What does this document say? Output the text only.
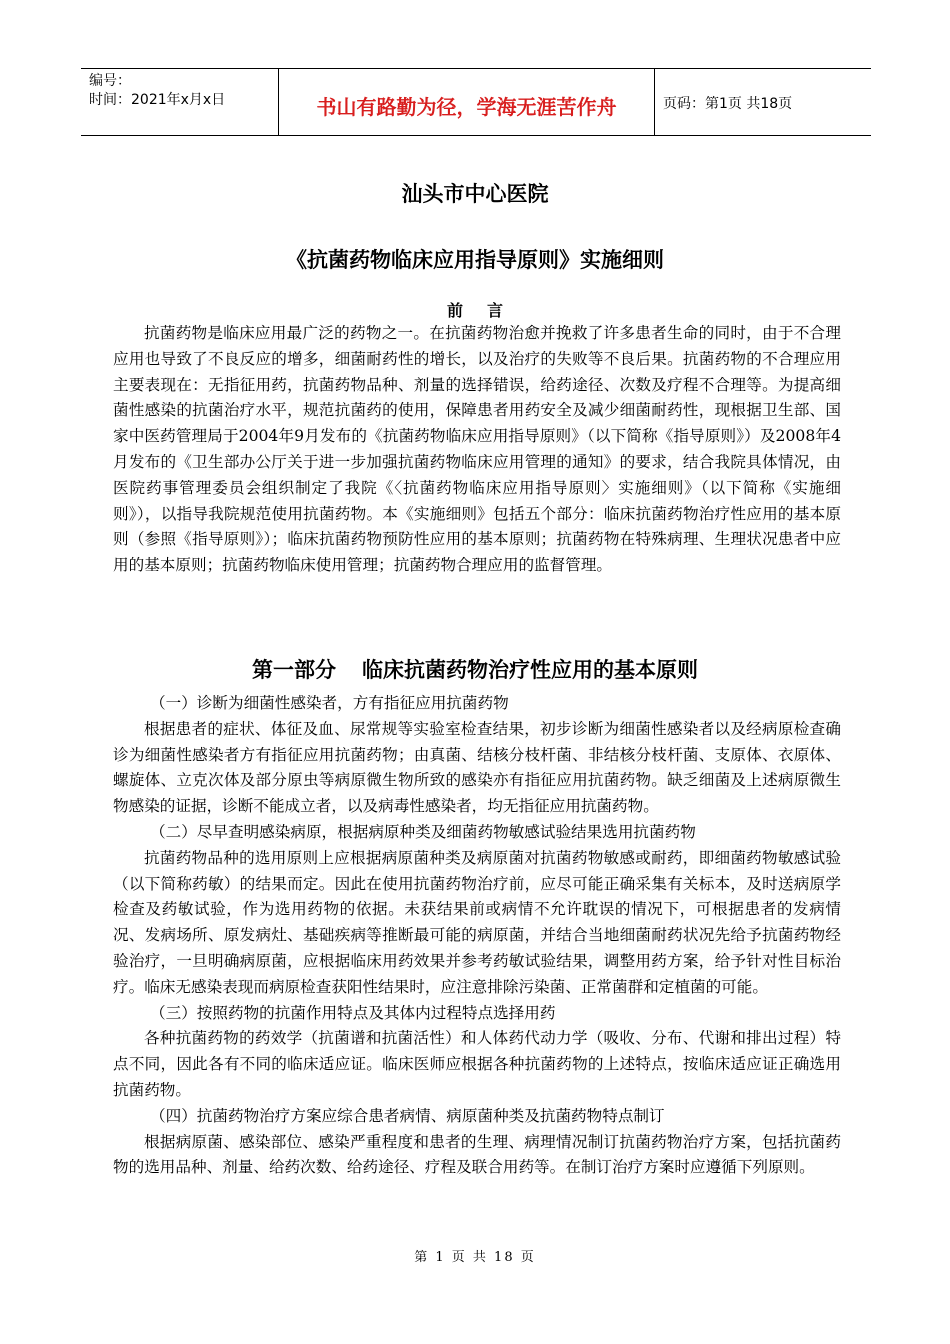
编号：
时间：2021年x月x日	书山有路勤为径，学海无涯苦作舟	页码：第1页 共18页
汕头市中心医院
《抗菌药物临床应用指导原则》实施细则
前言

抗菌药物是临床应用最广泛的药物之一。在抗菌药物治愈并挽救了许多患者生命的同时，由于不合理应用也导致了不良反应的增多，细菌耐药性的增长，以及治疗的失败等不良后果。抗菌药物的不合理应用主要表现在：无指征用药，抗菌药物品种、剂量的选择错误，给药途径、次数及疗程不合理等。为提高细菌性感染的抗菌治疗水平，规范抗菌药的使用，保障患者用药安全及减少细菌耐药性，现根据卫生部、国家中医药管理局于2004年9月发布的《抗菌药物临床应用指导原则》（以下简称《指导原则》）及2008年4月发布的《卫生部办公厅关于进一步加强抗菌药物临床应用管理的通知》的要求，结合我院具体情况，由医院药事管理委员会组织制定了我院《〈抗菌药物临床应用指导原则〉实施细则》（以下简称《实施细则》），以指导我院规范使用抗菌药物。本《实施细则》包括五个部分：临床抗菌药物治疗性应用的基本原则（参照《指导原则》）；临床抗菌药物预防性应用的基本原则；抗菌药物在特殊病理、生理状况患者中应用的基本原则；抗菌药物临床使用管理；抗菌药物合理应用的监督管理。

第一部分 临床抗菌药物治疗性应用的基本原则

（一）诊断为细菌性感染者，方有指征应用抗菌药物

根据患者的症状、体征及血、尿常规等实验室检查结果，初步诊断为细菌性感染者以及经病原检查确诊为细菌性感染者方有指征应用抗菌药物；由真菌、结核分枝杆菌、非结核分枝杆菌、支原体、衣原体、螺旋体、立克次体及部分原虫等病原微生物所致的感染亦有指征应用抗菌药物。缺乏细菌及上述病原微生物感染的证据，诊断不能成立者，以及病毒性感染者，均无指征应用抗菌药物。

（二）尽早查明感染病原，根据病原种类及细菌药物敏感试验结果选用抗菌药物

抗菌药物品种的选用原则上应根据病原菌种类及病原菌对抗菌药物敏感或耐药，即细菌药物敏感试验 （以下简称药敏）的结果而定。因此在使用抗菌药物治疗前，应尽可能正确采集有关标本，及时送病原学检查及药敏试验，作为选用药物的依据。未获结果前或病情不允许耽误的情况下，可根据患者的发病情况、发病场所、原发病灶、基础疾病等推断最可能的病原菌，并结合当地细菌耐药状况先给予抗菌药物经验治疗，一旦明确病原菌，应根据临床用药效果并参考药敏试验结果，调整用药方案，给予针对性目标治疗。临床无感染表现而病原检查获阳性结果时，应注意排除污染菌、正常菌群和定植菌的可能。

（三）按照药物的抗菌作用特点及其体内过程特点选择用药

各种抗菌药物的药效学（抗菌谱和抗菌活性）和人体药代动力学（吸收、分布、代谢和排出过程）特点不同，因此各有不同的临床适应证。临床医师应根据各种抗菌药物的上述特点，按临床适应证正确选用抗菌药物。

（四）抗菌药物治疗方案应综合患者病情、病原菌种类及抗菌药物特点制订

根据病原菌、感染部位、感染严重程度和患者的生理、病理情况制订抗菌药物治疗方案，包括抗菌药物的选用品种、剂量、给药次数、给药途径、疗程及联合用药等。在制订治疗方案时应遵循下列原则。

第 1 页 共 18 页
